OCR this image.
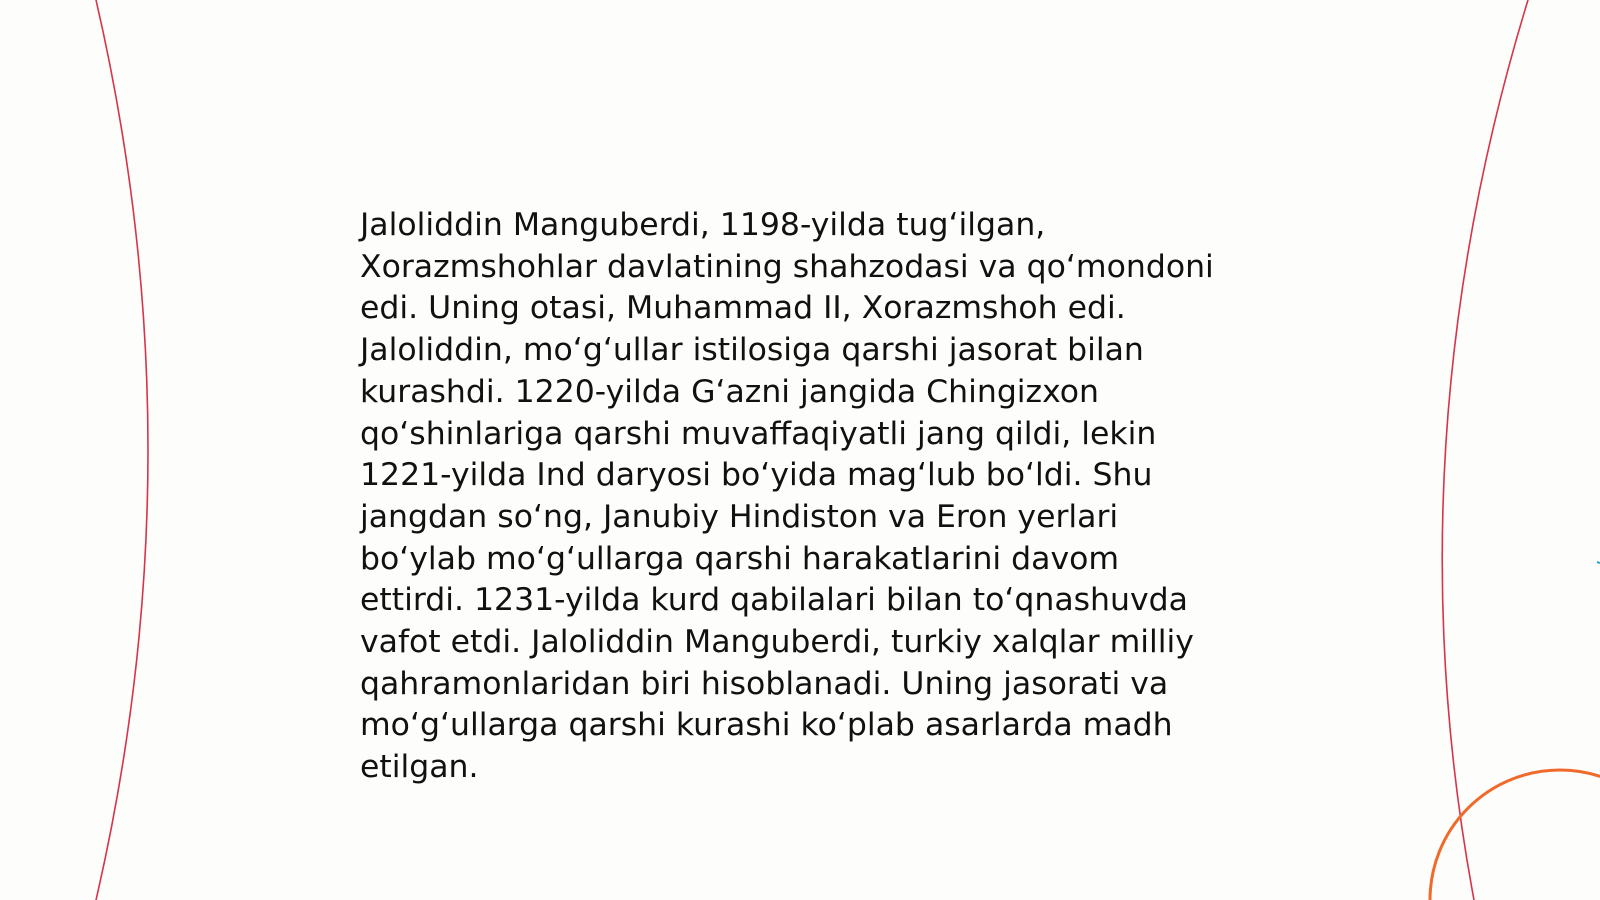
Jaloliddin Manguberdi, 1198-yilda tug‘ilgan,
Xorazmshohlar davlatining shahzodasi va qo‘mondoni
edi. Uning otasi, Muhammad II, Xorazmshoh edi.
Jaloliddin, mo‘g‘ullar istilosiga qarshi jasorat bilan
kurashdi. 1220-yilda G‘azni jangida Chingizxon
qo‘shinlariga qarshi muvaffaqiyatli jang qildi, lekin
1221-yilda Ind daryosi bo‘yida mag‘lub bo‘ldi. Shu
jangdan so‘ng, Janubiy Hindiston va Eron yerlari
bo‘ylab mo‘g‘ullarga qarshi harakatlarini davom
ettirdi. 1231-yilda kurd qabilalari bilan to‘qnashuvda
vafot etdi. Jaloliddin Manguberdi, turkiy xalqlar milliy
qahramonlaridan biri hisoblanadi. Uning jasorati va
mo‘g‘ullarga qarshi kurashi ko‘plab asarlarda madh
etilgan.
